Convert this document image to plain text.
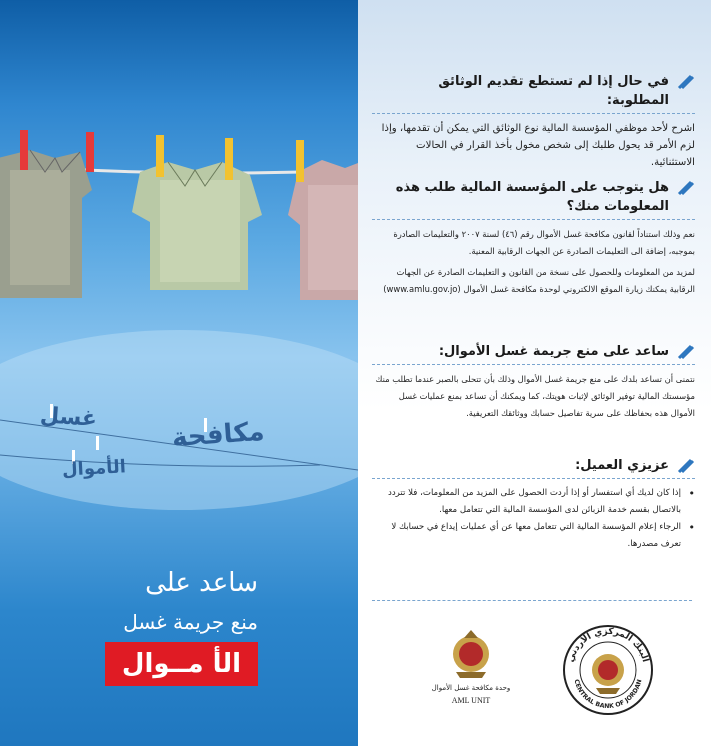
غسل	مكافحة
الأموال
ساعد على
منع جريمة غسل
الأ مــوال
في حال إذا لم تستطع تقديم الوثائق المطلوبة:
اشرح لأحد موظفي المؤسسة المالية نوع الوثائق التي يمكن أن تقدمها، وإذا لزم الأمر قد يحول طلبك إلى شخص مخول بأخذ القرار في الحالات الاستثنائية.
هل يتوجب على المؤسسة المالية طلب هذه المعلومات منك؟
نعم وذلك استناداً لقانون مكافحة غسل الأموال رقم (٤٦) لسنة ٢٠٠٧ والتعليمات الصادرة بموجبه، إضافة الى التعليمات الصادرة عن الجهات الرقابية المعنية.
لمزيد من المعلومات وللحصول على نسخة من القانون و التعليمات الصادرة عن الجهات الرقابية يمكنك زيارة الموقع الالكتروني لوحدة مكافحة غسل الأموال (www.amlu.gov.jo)
ساعد على منع جريمة غسل الأموال:
نتمنى أن تساعد بلدك على منع جريمة غسل الأموال وذلك بأن تتحلى بالصبر عندما تطلب منك مؤسستك المالية توفير الوثائق لإثبات هويتك، كما ويمكنك أن تساعد بمنع عمليات غسل الأموال هذه بحفاظك على سرية تفاصيل حسابك ووثائقك التعريفية.
عزيزي العميل:
• إذا كان لديك أي استفسار أو إذا أردت الحصول على المزيد من المعلومات، فلا تتردد بالاتصال بقسم خدمة الزبائن لدى المؤسسة المالية التي تتعامل معها.
• الرجاء إعلام المؤسسة المالية التي تتعامل معها عن أي عمليات إيداع في حسابك لا تعرف مصدرها.
وحدة مكافحة غسل الأموال
AML UNIT
البنك المركزي الأردني
CENTRAL BANK OF JORDAN
